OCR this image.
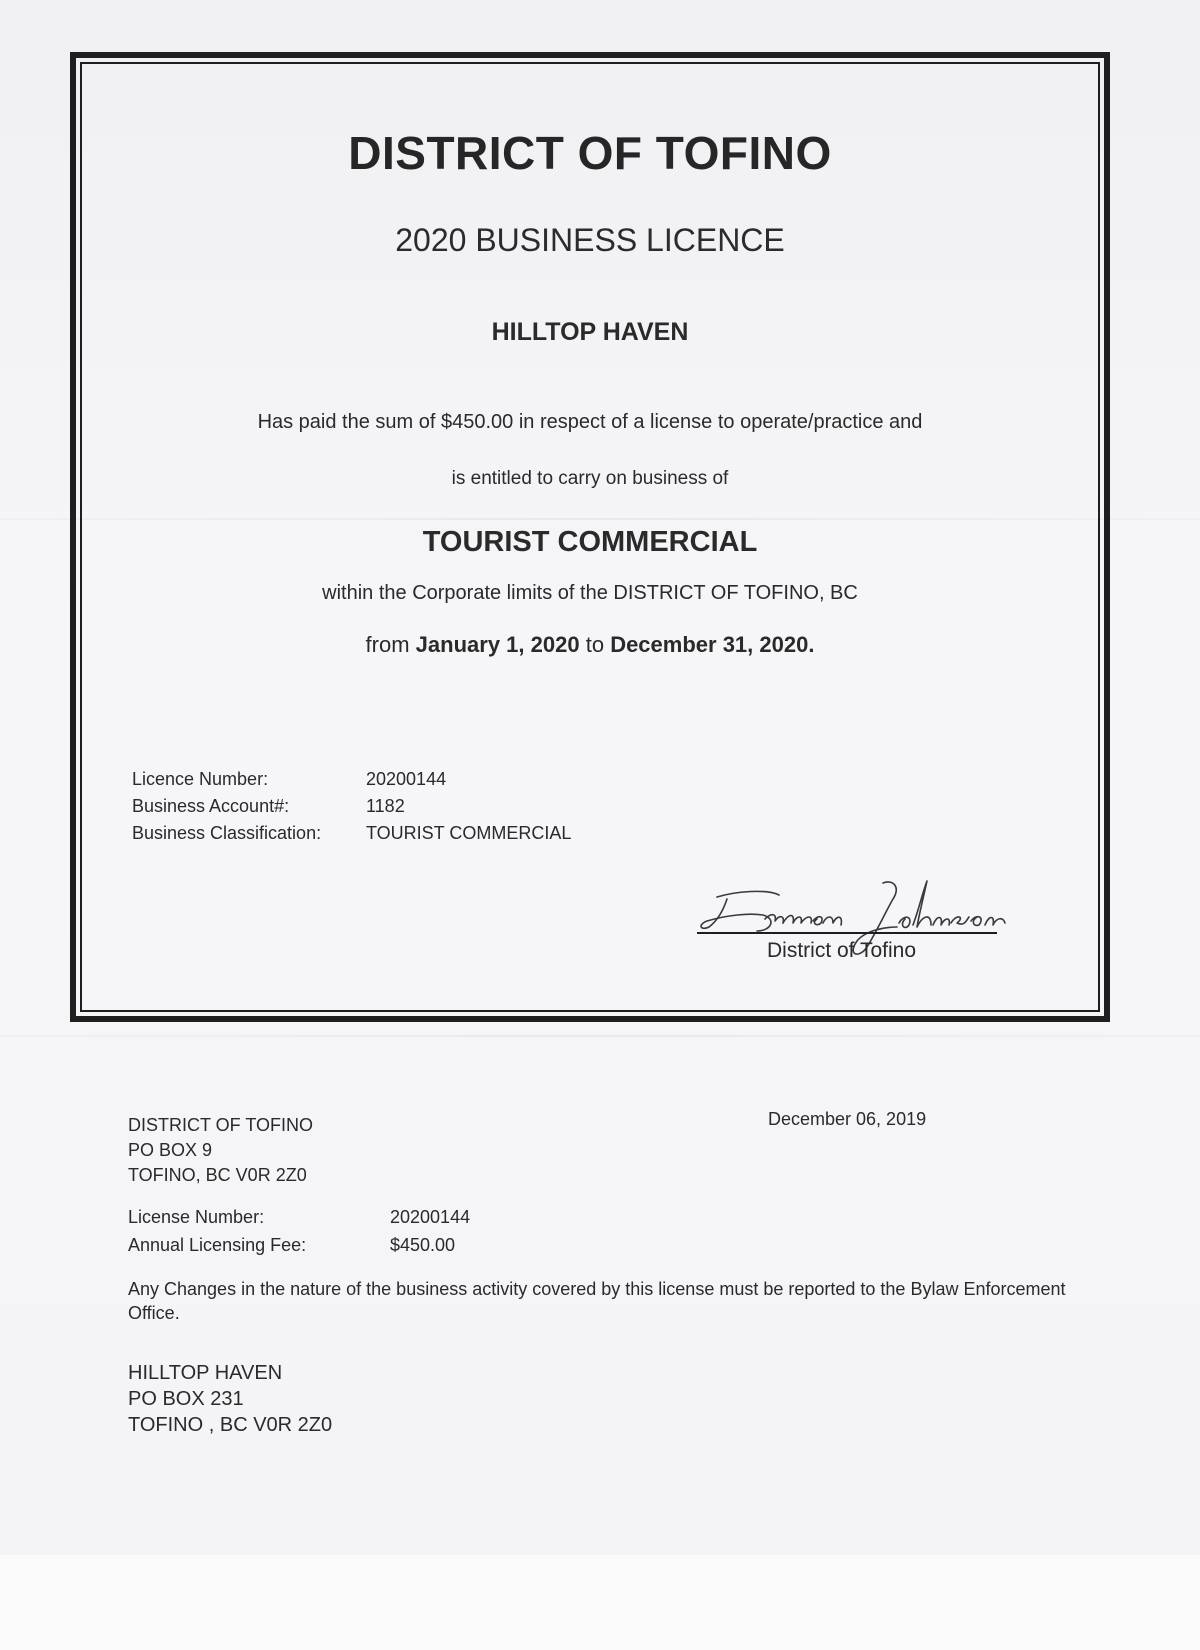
DISTRICT OF TOFINO
2020 BUSINESS LICENCE
HILLTOP HAVEN
Has paid the sum of $450.00 in respect of a license to operate/practice and
is entitled to carry on business of
TOURIST COMMERCIAL
within the Corporate limits of the DISTRICT OF TOFINO, BC
from January 1, 2020 to December 31, 2020.
Licence Number:	20200144
Business Account#:	1182
Business Classification:	TOURIST COMMERCIAL
District of Tofino
DISTRICT OF TOFINO
PO BOX 9
TOFINO, BC V0R 2Z0
December 06, 2019
License Number:	20200144
Annual Licensing Fee:	$450.00
Any Changes in the nature of the business activity covered by this license must be reported to the Bylaw Enforcement Office.
HILLTOP HAVEN
PO BOX 231
TOFINO , BC V0R 2Z0
